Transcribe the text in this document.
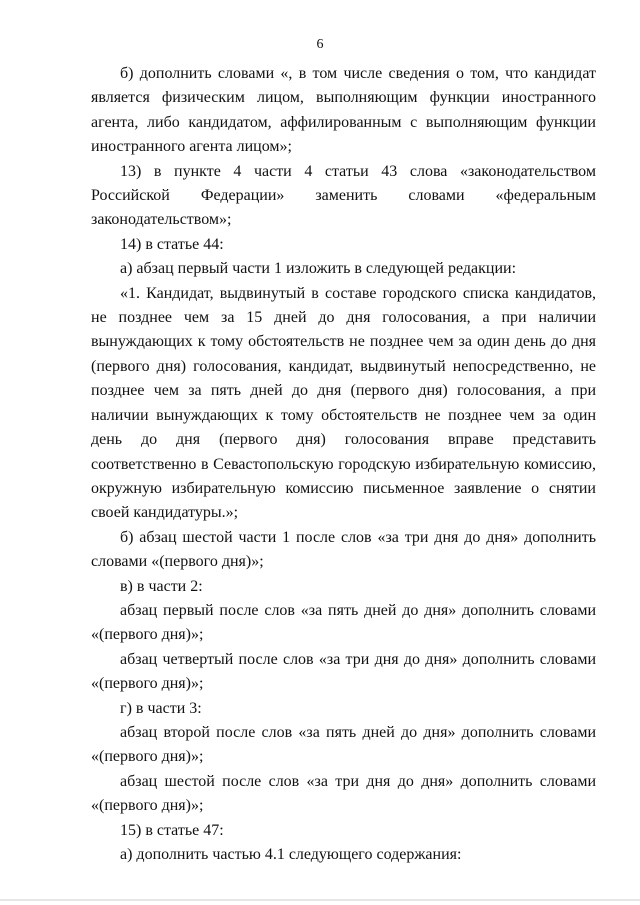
6

б) дополнить словами «, в том числе сведения о том, что кандидат является физическим лицом, выполняющим функции иностранного агента, либо кандидатом, аффилированным с выполняющим функции иностранного агента лицом»;

13) в пункте 4 части 4 статьи 43 слова «законодательством Российской Федерации» заменить словами «федеральным законодательством»;

14) в статье 44:

а) абзац первый части 1 изложить в следующей редакции:

«1. Кандидат, выдвинутый в составе городского списка кандидатов, не позднее чем за 15 дней до дня голосования, а при наличии вынуждающих к тому обстоятельств не позднее чем за один день до дня (первого дня) голосования, кандидат, выдвинутый непосредственно, не позднее чем за пять дней до дня (первого дня) голосования, а при наличии вынуждающих к тому обстоятельств не позднее чем за один день до дня (первого дня) голосования вправе представить соответственно в Севастопольскую городскую избирательную комиссию, окружную избирательную комиссию письменное заявление о снятии своей кандидатуры.»;

б) абзац шестой части 1 после слов «за три дня до дня» дополнить словами «(первого дня)»;

в) в части 2:

абзац первый после слов «за пять дней до дня» дополнить словами «(первого дня)»;

абзац четвертый после слов «за три дня до дня» дополнить словами «(первого дня)»;

г) в части 3:

абзац второй после слов «за пять дней до дня» дополнить словами «(первого дня)»;

абзац шестой после слов «за три дня до дня» дополнить словами «(первого дня)»;

15) в статье 47:

а) дополнить частью 4.1 следующего содержания:
